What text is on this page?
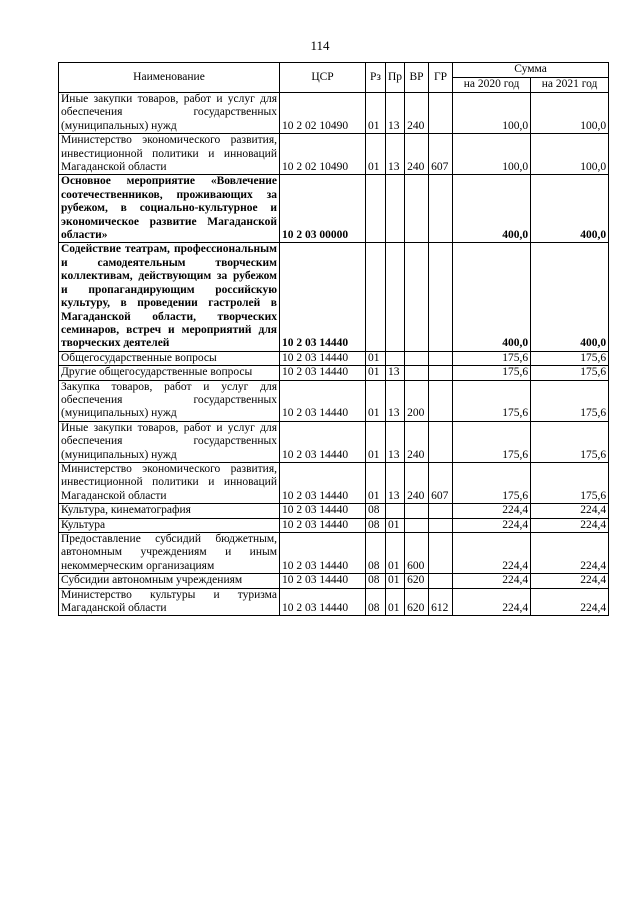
114
Наименование	ЦСР	Рз	Пр	ВР	ГР	Сумма	
						на 2020 год	на 2021 год
Иные закупки товаров, работ и услуг для обеспечения государственных (муниципальных) нужд	10 2 02 10490	01	13	240		100,0	100,0
Министерство экономического развития, инвестиционной политики и инноваций Магаданской области	10 2 02 10490	01	13	240	607	100,0	100,0
Основное мероприятие «Вовлечение соотечественников, проживающих за рубежом, в социально-культурное и экономическое развитие Магаданской области»	10 2 03 00000					400,0	400,0
Содействие театрам, профессиональным и самодеятельным творческим коллективам, действующим за рубежом и пропагандирующим российскую культуру, в проведении гастролей в Магаданской области, творческих семинаров, встреч и мероприятий для творческих деятелей	10 2 03 14440					400,0	400,0
Общегосударственные вопросы	10 2 03 14440	01				175,6	175,6
Другие общегосударственные вопросы	10 2 03 14440	01	13			175,6	175,6
Закупка товаров, работ и услуг для обеспечения государственных (муниципальных) нужд	10 2 03 14440	01	13	200		175,6	175,6
Иные закупки товаров, работ и услуг для обеспечения государственных (муниципальных) нужд	10 2 03 14440	01	13	240		175,6	175,6
Министерство экономического развития, инвестиционной политики и инноваций Магаданской области	10 2 03 14440	01	13	240	607	175,6	175,6
Культура, кинематография	10 2 03 14440	08				224,4	224,4
Культура	10 2 03 14440	08	01			224,4	224,4
Предоставление субсидий бюджетным, автономным учреждениям и иным некоммерческим организациям	10 2 03 14440	08	01	600		224,4	224,4
Субсидии автономным учреждениям	10 2 03 14440	08	01	620		224,4	224,4
Министерство культуры и туризма Магаданской области	10 2 03 14440	08	01	620	612	224,4	224,4
